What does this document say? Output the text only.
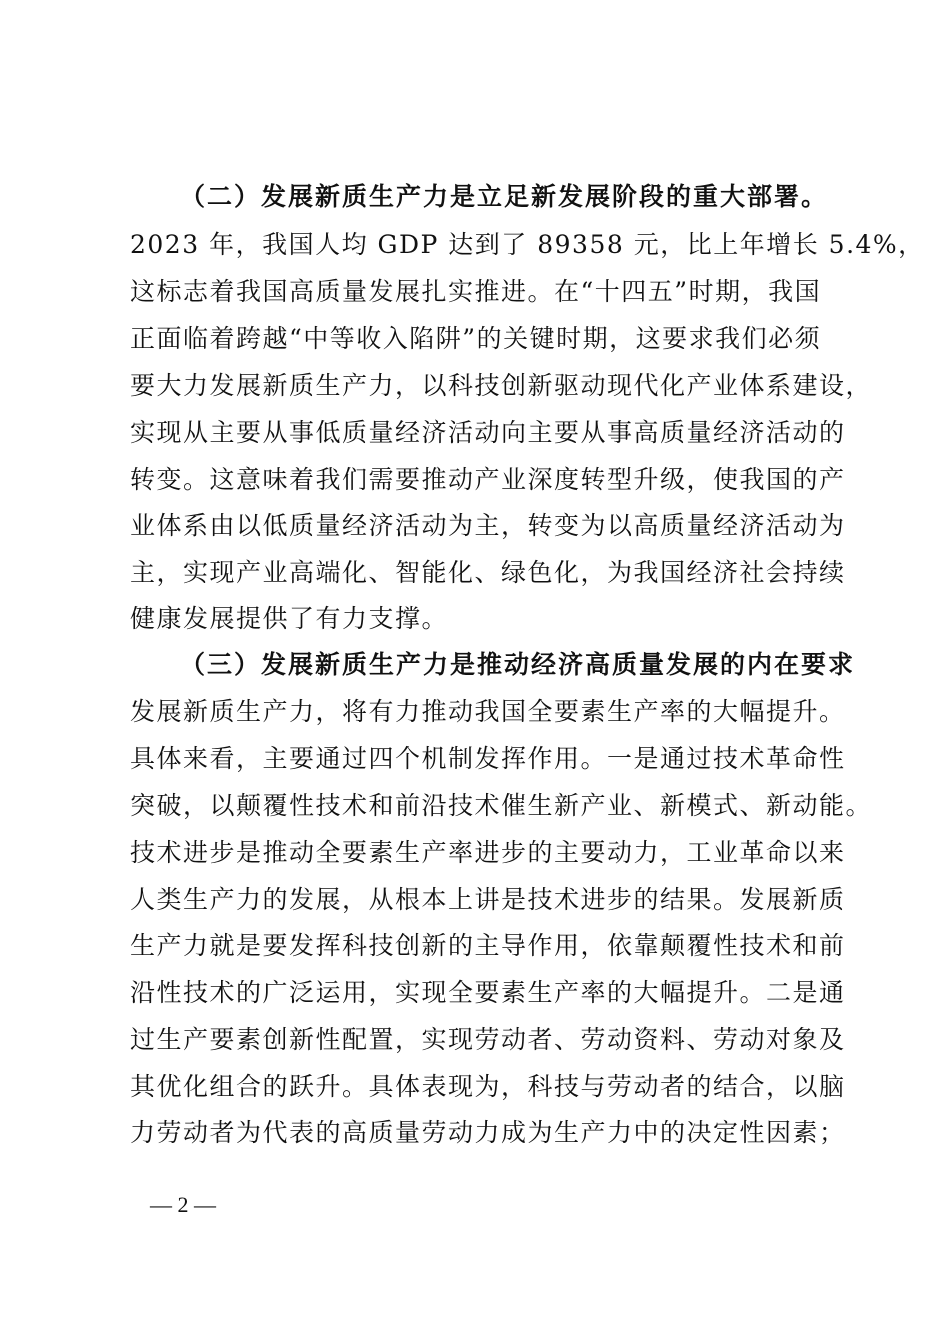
（二）发展新质生产力是立足新发展阶段的重大部署。
2023 年，我国人均 GDP 达到了 89358 元，比上年增长 5.4%，
这标志着我国高质量发展扎实推进。在“十四五”时期，我国
正面临着跨越“中等收入陷阱”的关键时期，这要求我们必须
要大力发展新质生产力，以科技创新驱动现代化产业体系建设，
实现从主要从事低质量经济活动向主要从事高质量经济活动的
转变。这意味着我们需要推动产业深度转型升级，使我国的产
业体系由以低质量经济活动为主，转变为以高质量经济活动为
主，实现产业高端化、智能化、绿色化，为我国经济社会持续
健康发展提供了有力支撑。
（三）发展新质生产力是推动经济高质量发展的内在要求
发展新质生产力，将有力推动我国全要素生产率的大幅提升。
具体来看，主要通过四个机制发挥作用。一是通过技术革命性
突破，以颠覆性技术和前沿技术催生新产业、新模式、新动能。
技术进步是推动全要素生产率进步的主要动力，工业革命以来
人类生产力的发展，从根本上讲是技术进步的结果。发展新质
生产力就是要发挥科技创新的主导作用，依靠颠覆性技术和前
沿性技术的广泛运用，实现全要素生产率的大幅提升。二是通
过生产要素创新性配置，实现劳动者、劳动资料、劳动对象及
其优化组合的跃升。具体表现为，科技与劳动者的结合，以脑
力劳动者为代表的高质量劳动力成为生产力中的决定性因素；
— 2 —
